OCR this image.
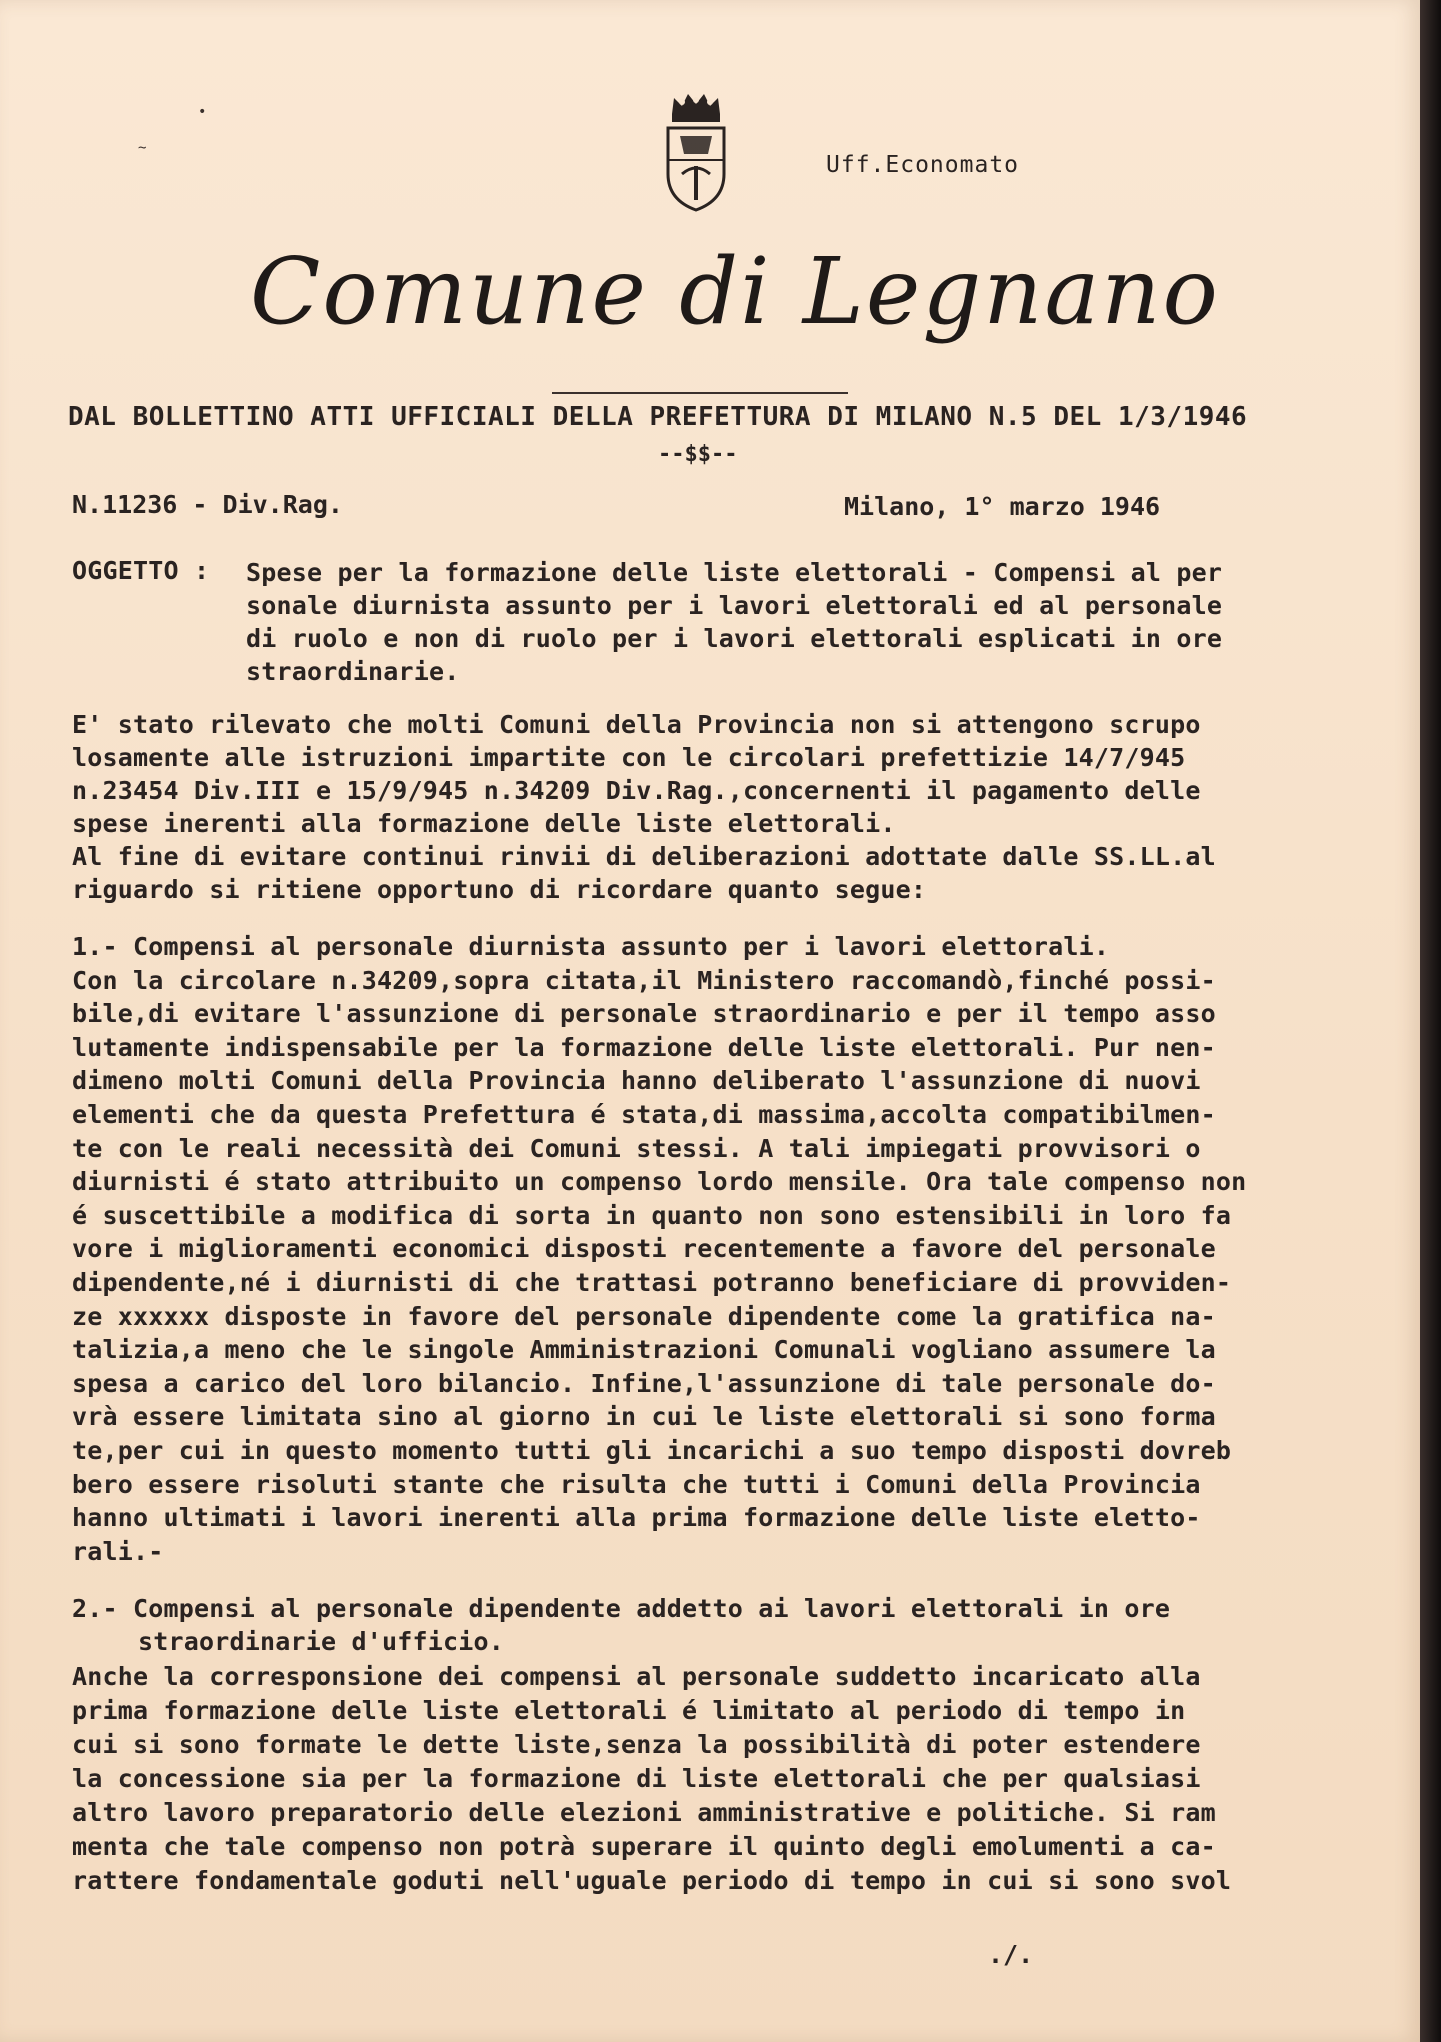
•
~
Uff.Economato
Comune di Legnano
DAL BOLLETTINO ATTI UFFICIALI DELLA PREFETTURA DI MILANO N.5 DEL 1/3/1946
--$$--
N.11236 - Div.Rag.	Milano, 1° marzo 1946
OGGETTO : Spese per la formazione delle liste elettorali - Compensi al per
sonale diurnista assunto per i lavori elettorali ed al personale
di ruolo e non di ruolo per i lavori elettorali esplicati in ore
straordinarie.
E' stato rilevato che molti Comuni della Provincia non si attengono scrupo
losamente alle istruzioni impartite con le circolari prefettizie 14/7/945
n.23454 Div.III e 15/9/945 n.34209 Div.Rag.,concernenti il pagamento delle
spese inerenti alla formazione delle liste elettorali.
Al fine di evitare continui rinvii di deliberazioni adottate dalle SS.LL.al
riguardo si ritiene opportuno di ricordare quanto segue:
1.- Compensi al personale diurnista assunto per i lavori elettorali.
Con la circolare n.34209,sopra citata,il Ministero raccomandò,finché possi-
bile,di evitare l'assunzione di personale straordinario e per il tempo asso
lutamente indispensabile per la formazione delle liste elettorali. Pur nen-
dimeno molti Comuni della Provincia hanno deliberato l'assunzione di nuovi
elementi che da questa Prefettura é stata,di massima,accolta compatibilmen-
te con le reali necessità dei Comuni stessi. A tali impiegati provvisori o
diurnisti é stato attribuito un compenso lordo mensile. Ora tale compenso non
é suscettibile a modifica di sorta in quanto non sono estensibili in loro fa
vore i miglioramenti economici disposti recentemente a favore del personale
dipendente,né i diurnisti di che trattasi potranno beneficiare di provviden-
ze xxxxxx disposte in favore del personale dipendente come la gratifica na-
talizia,a meno che le singole Amministrazioni Comunali vogliano assumere la
spesa a carico del loro bilancio. Infine,l'assunzione di tale personale do-
vrà essere limitata sino al giorno in cui le liste elettorali si sono forma
te,per cui in questo momento tutti gli incarichi a suo tempo disposti dovreb
bero essere risoluti stante che risulta che tutti i Comuni della Provincia
hanno ultimati i lavori inerenti alla prima formazione delle liste eletto-
rali.-
2.- Compensi al personale dipendente addetto ai lavori elettorali in ore
straordinarie d'ufficio.
Anche la corresponsione dei compensi al personale suddetto incaricato alla
prima formazione delle liste elettorali é limitato al periodo di tempo in
cui si sono formate le dette liste,senza la possibilità di poter estendere
la concessione sia per la formazione di liste elettorali che per qualsiasi
altro lavoro preparatorio delle elezioni amministrative e politiche. Si ram
menta che tale compenso non potrà superare il quinto degli emolumenti a ca-
rattere fondamentale goduti nell'uguale periodo di tempo in cui si sono svol
./.
